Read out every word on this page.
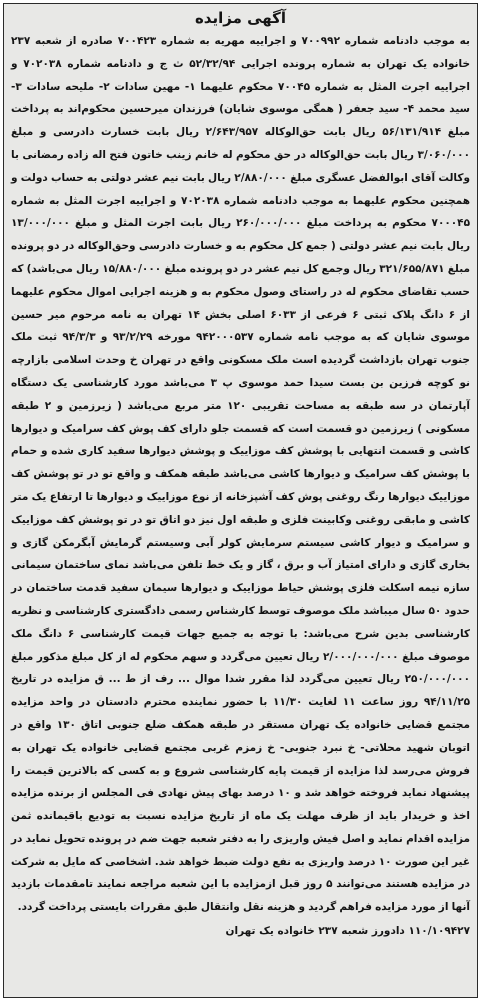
آگهی مزایده

به موجب دادنامه شماره ۷۰۰۹۹۲ و اجراییه مهریه به شماره ۷۰۰۴۲۳ صادره از شعبه ۲۳۷ خانواده یک تهران به شماره پرونده اجرایی ۵۲/۳۲/۹۴ ث ج و دادنامه شماره ۷۰۲۰۳۸ و اجراییه اجرت المثل به شماره ۷۰۰۴۵ محکوم علیهما ۱- مهین سادات ۲- ملیحه سادات ۳- سید محمد ۴- سید جعفر ( همگی موسوی شایان) فرزندان میرحسین محکوم‌اند به پرداخت مبلغ ۵۶/۱۳۱/۹۱۴ ریال بابت حق‌الوکاله ۲/۶۴۳/۹۵۷ ریال بابت خسارت دادرسی و مبلغ ۳/۰۶۰/۰۰۰ ریال بابت حق‌الوکاله در حق محکوم له خانم زینب خاتون فتح اله زاده رمضانی با وکالت آقای ابوالفضل عسگری مبلغ ۲/۸۸۰/۰۰۰ ریال بابت نیم عشر دولتی به حساب دولت و همچنین محکوم علیهما به موجب دادنامه شماره ۷۰۲۰۳۸ و اجراییه اجرت المثل به شماره ۷۰۰۰۴۵ محکوم به پرداخت مبلغ ۲۶۰/۰۰۰/۰۰۰ ریال بابت اجرت المثل و مبلغ ۱۳/۰۰۰/۰۰۰ ریال بابت نیم عشر دولتی ( جمع کل محکوم به و خسارت دادرسی وحق‌الوکاله در دو پرونده مبلغ ۳۲۱/۶۵۵/۸۷۱ ریال وجمع کل نیم عشر در دو پرونده مبلغ ۱۵/۸۸۰/۰۰۰ ریال می‌باشد) که حسب تقاضای محکوم له در راستای وصول محکوم به و هزینه اجرایی اموال محکوم علیهما از ۶ دانگ پلاک ثبتی ۶ فرعی از ۶۰۳۳ اصلی بخش ۱۴ تهران به نامه مرحوم میر حسین موسوی شایان که به موجب نامه شماره ۹۴۲۰۰۰۵۳۷ مورخه ۹۳/۲/۲۹ و ۹۴/۳/۳ ثبت ملک جنوب تهران بازداشت گردیده است ملک مسکونی واقع در تهران خ وحدت اسلامی بازارچه نو کوچه فرزین بن بست سیدا حمد موسوی پ ۳ می‌باشد مورد کارشناسی یک دستگاه آپارتمان در سه طبقه به مساحت تقریبی ۱۲۰ متر مربع می‌باشد ( زیرزمین و ۲ طبقه مسکونی ) زیرزمین دو قسمت است که قسمت جلو دارای کف پوش کف سرامیک و دیوارها کاشی و قسمت انتهایی با پوشش کف موزاییک و پوشش دیوارها سفید کاری شده و حمام با پوشش کف سرامیک و دیوارها کاشی می‌باشد طبقه همکف و واقع تو در تو پوشش کف موزاییک دیوارها رنگ روغنی پوش کف آشپزخانه از نوع موزاییک و دیوارها تا ارتفاع یک متر کاشی و مابقی روغنی وکابینت فلزی و طبقه اول نیز دو اتاق تو در تو پوشش کف موزاییک و سرامیک و دیوار کاشی سیستم سرمایش کولر آبی وسیستم گرمایش آبگرمکن گازی و بخاری گازی و دارای امتیاز آب و برق ، گاز و یک خط تلفن می‌باشد نمای ساختمان سیمانی سازه نیمه اسکلت فلزی پوشش حیاط موزاییک و دیوارها سیمان سفید قدمت ساختمان در حدود ۵۰ سال میباشد ملک موصوف توسط کارشناس رسمی دادگستری کارشناسی و نظریه کارشناسی بدین شرح می‌باشد: با توجه به جمیع جهات قیمت کارشناسی ۶ دانگ ملک موصوف مبلغ ۲/۰۰۰/۰۰۰/۰۰۰ ریال تعیین می‌گردد و سهم محکوم له از کل مبلغ مذکور مبلغ ۲۵۰/۰۰۰/۰۰۰ ریال تعیین می‌گردد لذا مقرر شدا موال ... رف از ط ... ق مزایده در تاریخ ۹۴/۱۱/۲۵ روز ساعت ۱۱ لغایت ۱۱/۳۰ با حضور نماینده محترم دادستان در واحد مزایده مجتمع قضایی خانواده یک تهران مستقر در طبقه همکف ضلع جنوبی اتاق ۱۳۰ واقع در اتوبان شهید محلاتی- خ نبرد جنوبی- خ زمزم غربی مجتمع قضایی خانواده یک تهران به فروش می‌رسد لذا مزایده از قیمت پایه کارشناسی شروع و به کسی که بالاترین قیمت را پیشنهاد نماید فروخته خواهد شد و ۱۰ درصد بهای پیش نهادی فی المجلس از برنده مزایده اخذ و خریدار باید از ظرف مهلت یک ماه از تاریخ مزایده نسبت به تودیع باقیمانده ثمن مزایده اقدام نماید و اصل فیش واریزی را به دفتر شعبه جهت ضم در پرونده تحویل نماید در غیر این صورت ۱۰ درصد واریزی به نفع دولت ضبط خواهد شد. اشخاصی که مایل به شرکت در مزایده هستند می‌توانند ۵ روز قبل ازمزایده با این شعبه مراجعه نمایند تامقدمات بازدید آنها از مورد مزایده فراهم گردید و هزینه نقل وانتقال طبق مقررات بایستی پرداخت گردد.

۱۱۰/۱۰۹۴۲۷ دادورز شعبه ۲۳۷ خانواده یک تهران
